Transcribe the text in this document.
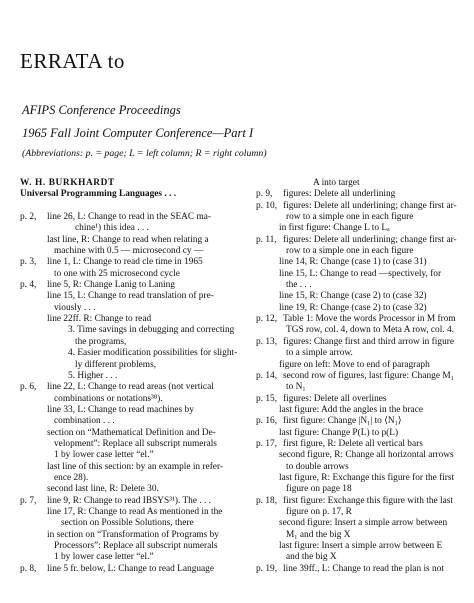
ERRATA to
AFIPS Conference Proceedings
1965 Fall Joint Computer Conference—Part I
(Abbreviations: p. = page; L = left column; R = right column)
W. H. BURKHARDT
Universal Programming Languages . . .
p. 2, line 26, L: Change to read in the SEAC ma-
chine¹) this idea . . .
last line, R: Change to read when relating a
machine with 0.5 — microsecond cy —
p. 3, line 1, L: Change to read cle time in 1965
to one with 25 microsecond cycle
p. 4, line 5, R: Change Lanig to Laning
line 15, L: Change to read translation of pre-
viously . . .
line 22ff. R: Change to read
3. Time savings in debugging and correcting
the programs,
4. Easier modification possibilities for slight-
ly different problems,
5. Higher . . .
p. 6, line 22, L: Change to read areas (not vertical
combinations or notations³⁸).
line 33, L: Change to read machines by
combination . . .
section on “Mathematical Definition and De-
velopment”: Replace all subscript numerals
1 by lower case letter “el.”
last line of this section: by an example in refer-
ence 28).
second last line, R: Delete 30.
p. 7, line 9, R: Change to read IBSYS³¹). The . . .
line 17, R: Change to read As mentioned in the
section on Possible Solutions, there
in section on “Transformation of Programs by
Processors”: Replace all subscript numerals
1 by lower case letter “el.”
p. 8, line 5 fr. below, L: Change to read Language
A into target
p. 9, figures: Delete all underlining
p. 10, figures: Delete all underlining; change first ar-
row to a simple one in each figure
in first figure: Change L to Lₐ
p. 11, figures: Delete all underlining; change first ar-
row to a simple one in each figure
line 14, R: Change (case 1) to (case 31)
line 15, L: Change to read —spectively, for
the . . .
line 15, R: Change (case 2) to (case 32)
line 19, R: Change (case 2) to (case 32)
p. 12, Table 1: Move the words Processor in M from
TGS row, col. 4, down to Meta A row, col. 4.
p. 13, figures: Change first and third arrow in figure
to a simple arrow.
figure on left: Move to end of paragraph
p. 14, second row of figures, last figure: Change M₁
to N₁
p. 15, figures: Delete all overlines
last figure: Add the angles in the brace
p. 16, first figure: Change |N₁| to ⟨N₁⟩
last figure: Change P(L) to p(L)
p. 17, first figure, R: Delete all vertical bars
second figure, R: Change all horizontal arrows
to double arrows
last figure, R: Exchange this figure for the first
figure on page 18
p. 18, first figure: Exchange this figure with the last
figure on p. 17, R
second figure: Insert a simple arrow between
M₁ and the big X
last figure: Insert a simple arrow between E
and the big X
p. 19, line 39ff., L: Change to read the plan is not
